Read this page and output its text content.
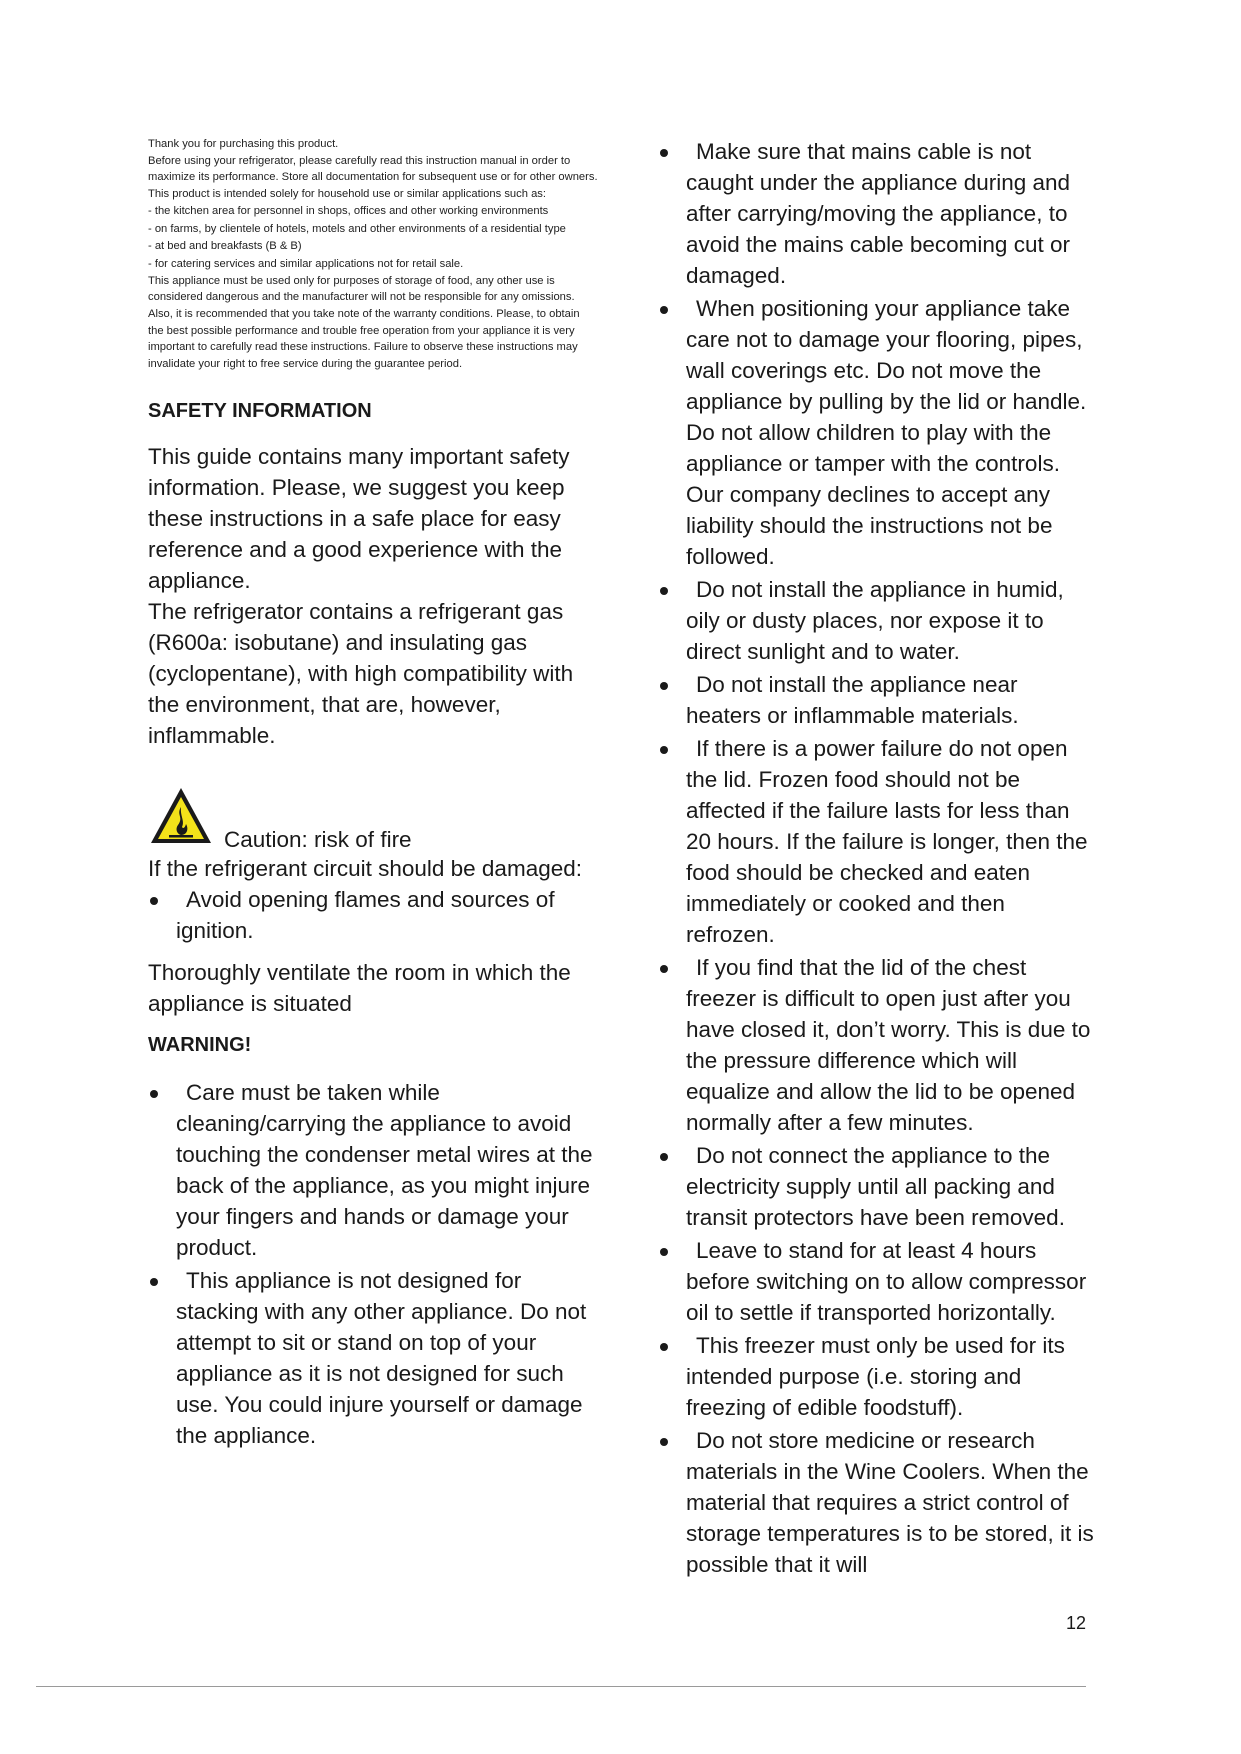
Thank you for purchasing this product.

Before using your refrigerator, please carefully read this instruction manual in order to maximize its performance. Store all documentation for subsequent use or for other owners. This product is intended solely for household use or similar applications such as:

- the kitchen area for personnel in shops, offices and other working environments

- on farms, by clientele of hotels, motels and other environments of a residential type

- at bed and breakfasts (B & B)

- for catering services and similar applications not for retail sale.

This appliance must be used only for purposes of storage of food, any other use is considered dangerous and the manufacturer will not be responsible for any omissions. Also, it is recommended that you take note of the warranty conditions. Please, to obtain the best possible performance and trouble free operation from your appliance it is very important to carefully read these instructions. Failure to observe these instructions may invalidate your right to free service during the guarantee period.

SAFETY INFORMATION

This guide contains many important safety information. Please, we suggest you keep these instructions in a safe place for easy reference and a good experience with the appliance.

The refrigerator contains a refrigerant gas (R600a: isobutane) and insulating gas (cyclopentane), with high compatibility with the environment, that are, however, inflammable.

Caution: risk of fire

If the refrigerant circuit should be damaged:

Avoid opening flames and sources of ignition.

Thoroughly ventilate the room in which the appliance is situated

WARNING!
Care must be taken while cleaning/carrying the appliance to avoid touching the condenser metal wires at the back of the appliance, as you might injure your fingers and hands or damage your product.
This appliance is not designed for stacking with any other appliance. Do not attempt to sit or stand on top of your appliance as it is not designed for such use. You could injure yourself or damage the appliance.
Make sure that mains cable is not caught under the appliance during and after carrying/moving the appliance, to avoid the mains cable becoming cut or damaged.
When positioning your appliance take care not to damage your flooring, pipes, wall coverings etc. Do not move the appliance by pulling by the lid or handle. Do not allow children to play with the appliance or tamper with the controls. Our company declines to accept any liability should the instructions not be followed.
Do not install the appliance in humid, oily or dusty places, nor expose it to direct sunlight and to water.
Do not install the appliance near heaters or inflammable materials.
If there is a power failure do not open the lid. Frozen food should not be affected if the failure lasts for less than 20 hours. If the failure is longer, then the food should be checked and eaten immediately or cooked and then refrozen.
If you find that the lid of the chest freezer is difficult to open just after you have closed it, don’t worry. This is due to the pressure difference which will equalize and allow the lid to be opened normally after a few minutes.
Do not connect the appliance to the electricity supply until all packing and transit protectors have been removed.
Leave to stand for at least 4 hours before switching on to allow compressor oil to settle if transported horizontally.
This freezer must only be used for its intended purpose (i.e. storing and freezing of edible foodstuff).
Do not store medicine or research materials in the Wine Coolers. When the material that requires a strict control of storage temperatures is to be stored, it is possible that it will
12
